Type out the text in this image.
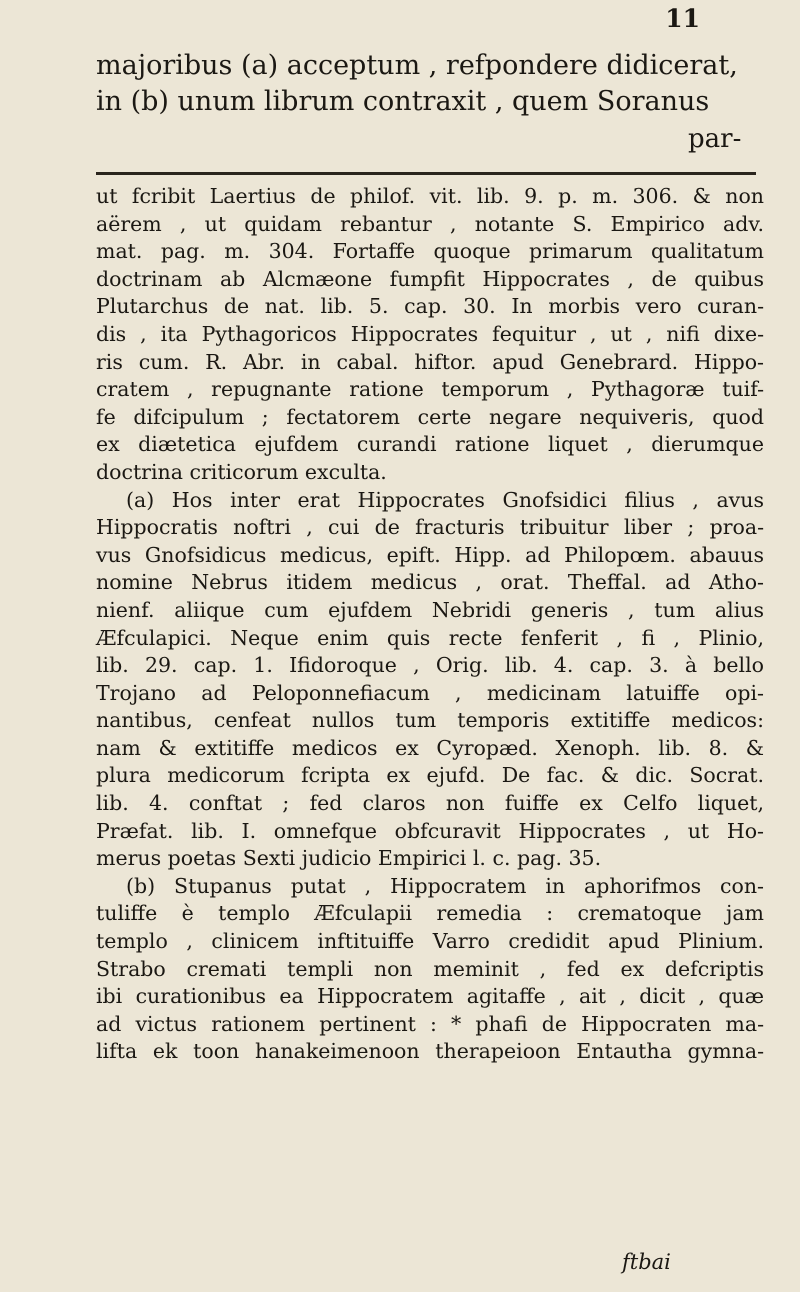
11
majoribus (a) acceptum , refpondere didicerat,
in (b) unum librum contraxit , quem Soranus
par-
ut fcribit Laertius de philof. vit. lib. 9. p. m. 306. & non
aërem , ut quidam rebantur , notante S. Empirico adv.
mat. pag. m. 304. Fortaffe quoque primarum qualitatum
doctrinam ab Alcmæone fumpfit Hippocrates , de quibus
Plutarchus de nat. lib. 5. cap. 30. In morbis vero curan-
dis , ita Pythagoricos Hippocrates fequitur , ut , nifi dixe-
ris cum. R. Abr. in cabal. hiftor. apud Genebrard. Hippo-
cratem , repugnante ratione temporum , Pythagoræ tuif-
fe difcipulum ; fectatorem certe negare nequiveris, quod
ex diætetica ejufdem curandi ratione liquet , dierumque
doctrina criticorum exculta.
(a) Hos inter erat Hippocrates Gnofsidici filius , avus
Hippocratis noftri , cui de fracturis tribuitur liber ; proa-
vus Gnofsidicus medicus, epift. Hipp. ad Philopœm. abauus
nomine Nebrus itidem medicus , orat. Theffal. ad Atho-
nienf. aliique cum ejufdem Nebridi generis , tum alius
Æfculapici. Neque enim quis recte fenferit , fi , Plinio,
lib. 29. cap. 1. Ifidoroque , Orig. lib. 4. cap. 3. à bello
Trojano ad Peloponnefiacum , medicinam latuiffe opi-
nantibus, cenfeat nullos tum temporis extitiffe medicos:
nam & extitiffe medicos ex Cyropæd. Xenoph. lib. 8. &
plura medicorum fcripta ex ejufd. De fac. & dic. Socrat.
lib. 4. conftat ; fed claros non fuiffe ex Celfo liquet,
Præfat. lib. I. omnefque obfcuravit Hippocrates , ut Ho-
merus poetas Sexti judicio Empirici l. c. pag. 35.
(b) Stupanus putat , Hippocratem in aphorifmos con-
tuliffe è templo Æfculapii remedia : crematoque jam
templo , clinicem inftituiffe Varro credidit apud Plinium.
Strabo cremati templi non meminit , fed ex defcriptis
ibi curationibus ea Hippocratem agitaffe , ait , dicit , quæ
ad victus rationem pertinent : * phafi de Hippocraten ma-
lifta ek toon hanakeimenoon therapeioon Entautha gymna-
ftbai
